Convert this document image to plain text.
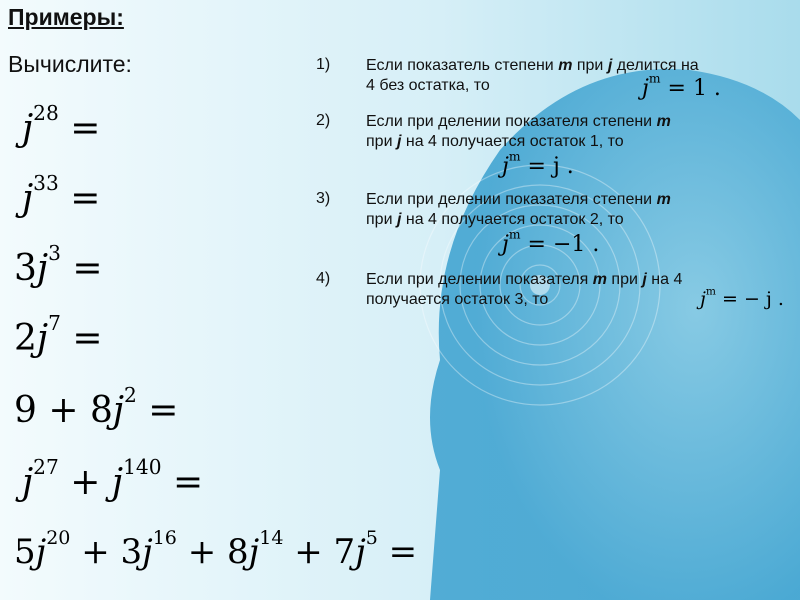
Примеры:

Вычислите:

$j^{28}$ =
$j^{33}$ =
$3j^3$ =
$2j^7$ =
$9 + 8j^2$ =
$j^{27} + j^{140}$ =
$5j^{20} + 3j^{16} + 8j^{14} + 7j^5$ =
1) Если показатель степени m при j делится на 4 без остатка, то	$j^m = 1$ .
2) Если при делении показателя степени m при j на 4 получается остаток 1, то
$j^m = j$ .
3) Если при делении показателя степени m при j на 4 получается остаток 2, то
$j^m = -1$ .
4) Если при делении показателя m при j на 4 получается остаток 3, то	$j^m$ = − j .
